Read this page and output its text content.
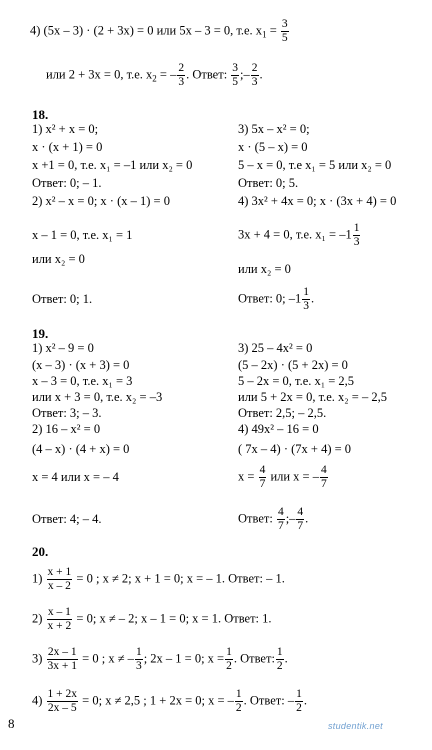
4) (5x – 3) · (2 + 3x) = 0 или 5x – 3 = 0, т.е. $x_1 = \frac{3}{5}$
или 2 + 3x = 0, т.е. $x_2$ = – $\frac{2}{3}$ . Ответ: $\frac{3}{5}$ ;– $\frac{2}{3}$ .
18.
1) x² + x = 0;
x · (x + 1) = 0
x +1 = 0, т.е. x₁ = –1 или x₂ = 0
Ответ: 0; – 1.
2) x² – x = 0; x · (x – 1) = 0
x – 1 = 0, т.е. x₁ = 1
или x₂ = 0
Ответ: 0; 1.
3) 5x – x² = 0;
x · (5 – x) = 0
5 – x = 0, т.е x₁ = 5 или x₂ = 0
Ответ: 0; 5.
4) 3x² + 4x = 0; x · (3x + 4) = 0
3x + 4 = 0, т.е. $x_1 = -1 \frac{1}{3}$
или x₂ = 0
Ответ: 0; $-1 \frac{1}{3}$ .
19.
1) x² – 9 = 0
(x – 3) · (x + 3) = 0
x – 3 = 0, т.е. x₁ = 3
или x + 3 = 0, т.е. x₂ = –3
Ответ: 3; – 3.
2) 16 – x² = 0
(4 – x) · (4 + x) = 0
x = 4 или x = – 4
Ответ: 4; – 4.
3) 25 – 4x² = 0
(5 – 2x) · (5 + 2x) = 0
5 – 2x = 0, т.е. x₁ = 2,5
или 5 + 2x = 0, т.е. x₂ = – 2,5
Ответ: 2,5; – 2,5.
4) 49x² – 16 = 0
( 7x – 4) · (7x + 4) = 0
$x = \frac{4}{7}$ или x = – $\frac{4}{7}$
Ответ: $\frac{4}{7}$ ;– $\frac{4}{7}$ .
20.
$1) \frac{x + 1}{x - 2} = 0$ ; x ≠ 2; x + 1 = 0; x = – 1. Ответ: – 1.
$2) \frac{x - 1}{x + 2} = 0$; x ≠ – 2; x – 1 = 0; x = 1. Ответ: 1.
$3) \frac{2x - 1}{3x + 1} = 0$ ; x ≠ – $\frac{1}{3}$ ; 2x – 1 = 0; $x = \frac{1}{2}$ . Ответ: $\frac{1}{2}$ .
$4) \frac{1 + 2x}{2x - 5} = 0$; x ≠ 2,5 ; 1 + 2x = 0; x = – $\frac{1}{2}$ . Ответ: – $\frac{1}{2}$ .
8	studentik.net
